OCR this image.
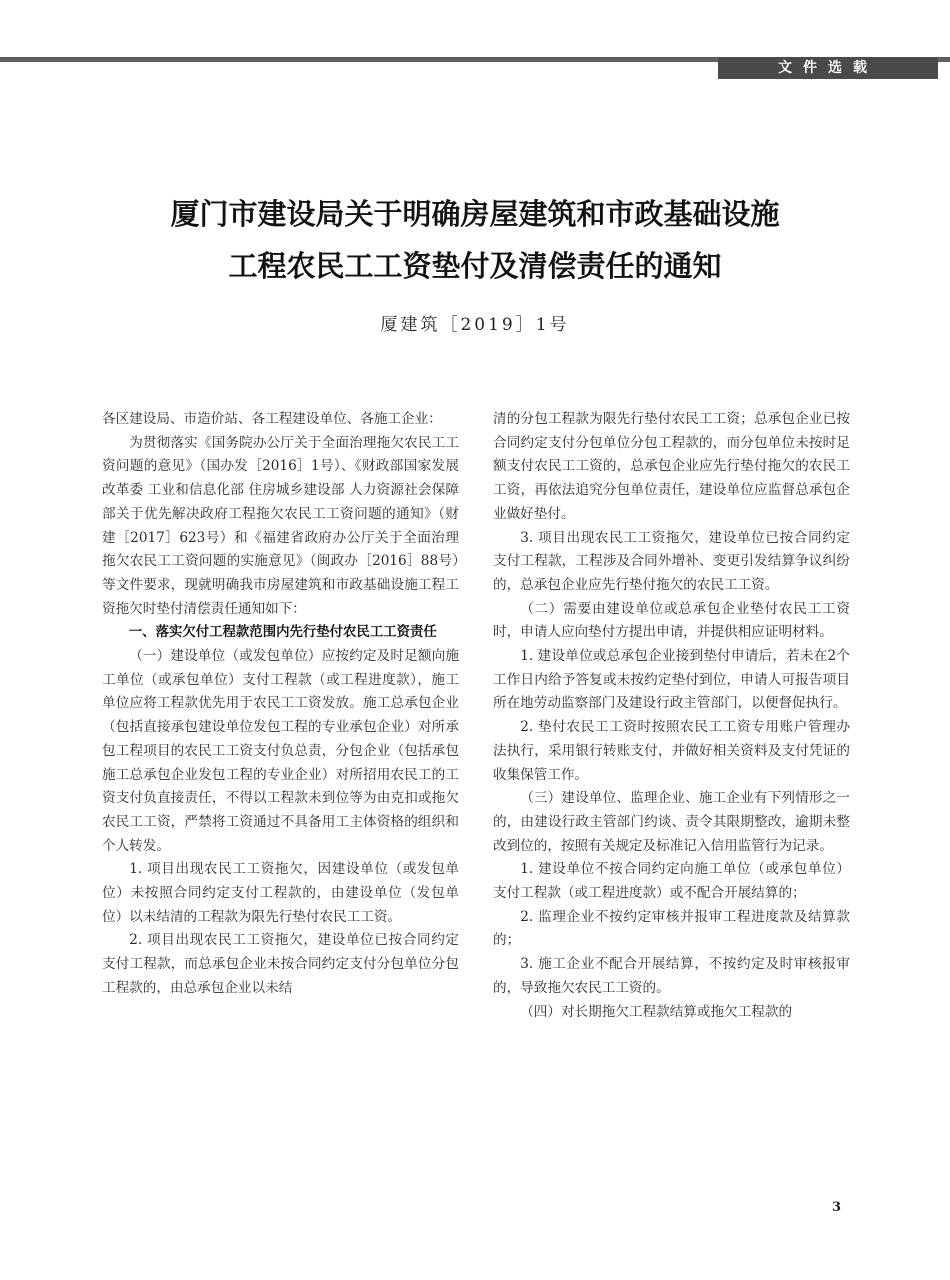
文件选载
厦门市建设局关于明确房屋建筑和市政基础设施
工程农民工工资垫付及清偿责任的通知
厦建筑［2019］1号

各区建设局、市造价站、各工程建设单位、各施工企业：

为贯彻落实《国务院办公厅关于全面治理拖欠农民工工资问题的意见》（国办发［2016］1号）、《财政部国家发展改革委 工业和信息化部 住房城乡建设部 人力资源社会保障部关于优先解决政府工程拖欠农民工工资问题的通知》（财建［2017］623号）和《福建省政府办公厅关于全面治理拖欠农民工工资问题的实施意见》（闽政办［2016］88号）等文件要求，现就明确我市房屋建筑和市政基础设施工程工资拖欠时垫付清偿责任通知如下：

一、落实欠付工程款范围内先行垫付农民工工资责任

（一）建设单位（或发包单位）应按约定及时足额向施工单位（或承包单位）支付工程款（或工程进度款），施工单位应将工程款优先用于农民工工资发放。施工总承包企业（包括直接承包建设单位发包工程的专业承包企业）对所承包工程项目的农民工工资支付负总责，分包企业（包括承包施工总承包企业发包工程的专业企业）对所招用农民工的工资支付负直接责任，不得以工程款未到位等为由克扣或拖欠农民工工资，严禁将工资通过不具备用工主体资格的组织和个人转发。

1. 项目出现农民工工资拖欠，因建设单位（或发包单位）未按照合同约定支付工程款的，由建设单位（发包单位）以未结清的工程款为限先行垫付农民工工资。

2. 项目出现农民工工资拖欠，建设单位已按合同约定支付工程款，而总承包企业未按合同约定支付分包单位分包工程款的，由总承包企业以未结

清的分包工程款为限先行垫付农民工工资；总承包企业已按合同约定支付分包单位分包工程款的，而分包单位未按时足额支付农民工工资的，总承包企业应先行垫付拖欠的农民工工资，再依法追究分包单位责任，建设单位应监督总承包企业做好垫付。

3. 项目出现农民工工资拖欠，建设单位已按合同约定支付工程款，工程涉及合同外增补、变更引发结算争议纠纷的，总承包企业应先行垫付拖欠的农民工工资。

（二）需要由建设单位或总承包企业垫付农民工工资时，申请人应向垫付方提出申请，并提供相应证明材料。

1. 建设单位或总承包企业接到垫付申请后，若未在2个工作日内给予答复或未按约定垫付到位，申请人可报告项目所在地劳动监察部门及建设行政主管部门，以便督促执行。

2. 垫付农民工工资时按照农民工工资专用账户管理办法执行，采用银行转账支付，并做好相关资料及支付凭证的收集保管工作。

（三）建设单位、监理企业、施工企业有下列情形之一的，由建设行政主管部门约谈、责令其限期整改，逾期未整改到位的，按照有关规定及标准记入信用监管行为记录。

1. 建设单位不按合同约定向施工单位（或承包单位）支付工程款（或工程进度款）或不配合开展结算的；

2. 监理企业不按约定审核并报审工程进度款及结算款的；

3. 施工企业不配合开展结算，不按约定及时审核报审的，导致拖欠农民工工资的。

（四）对长期拖欠工程款结算或拖欠工程款的

3
